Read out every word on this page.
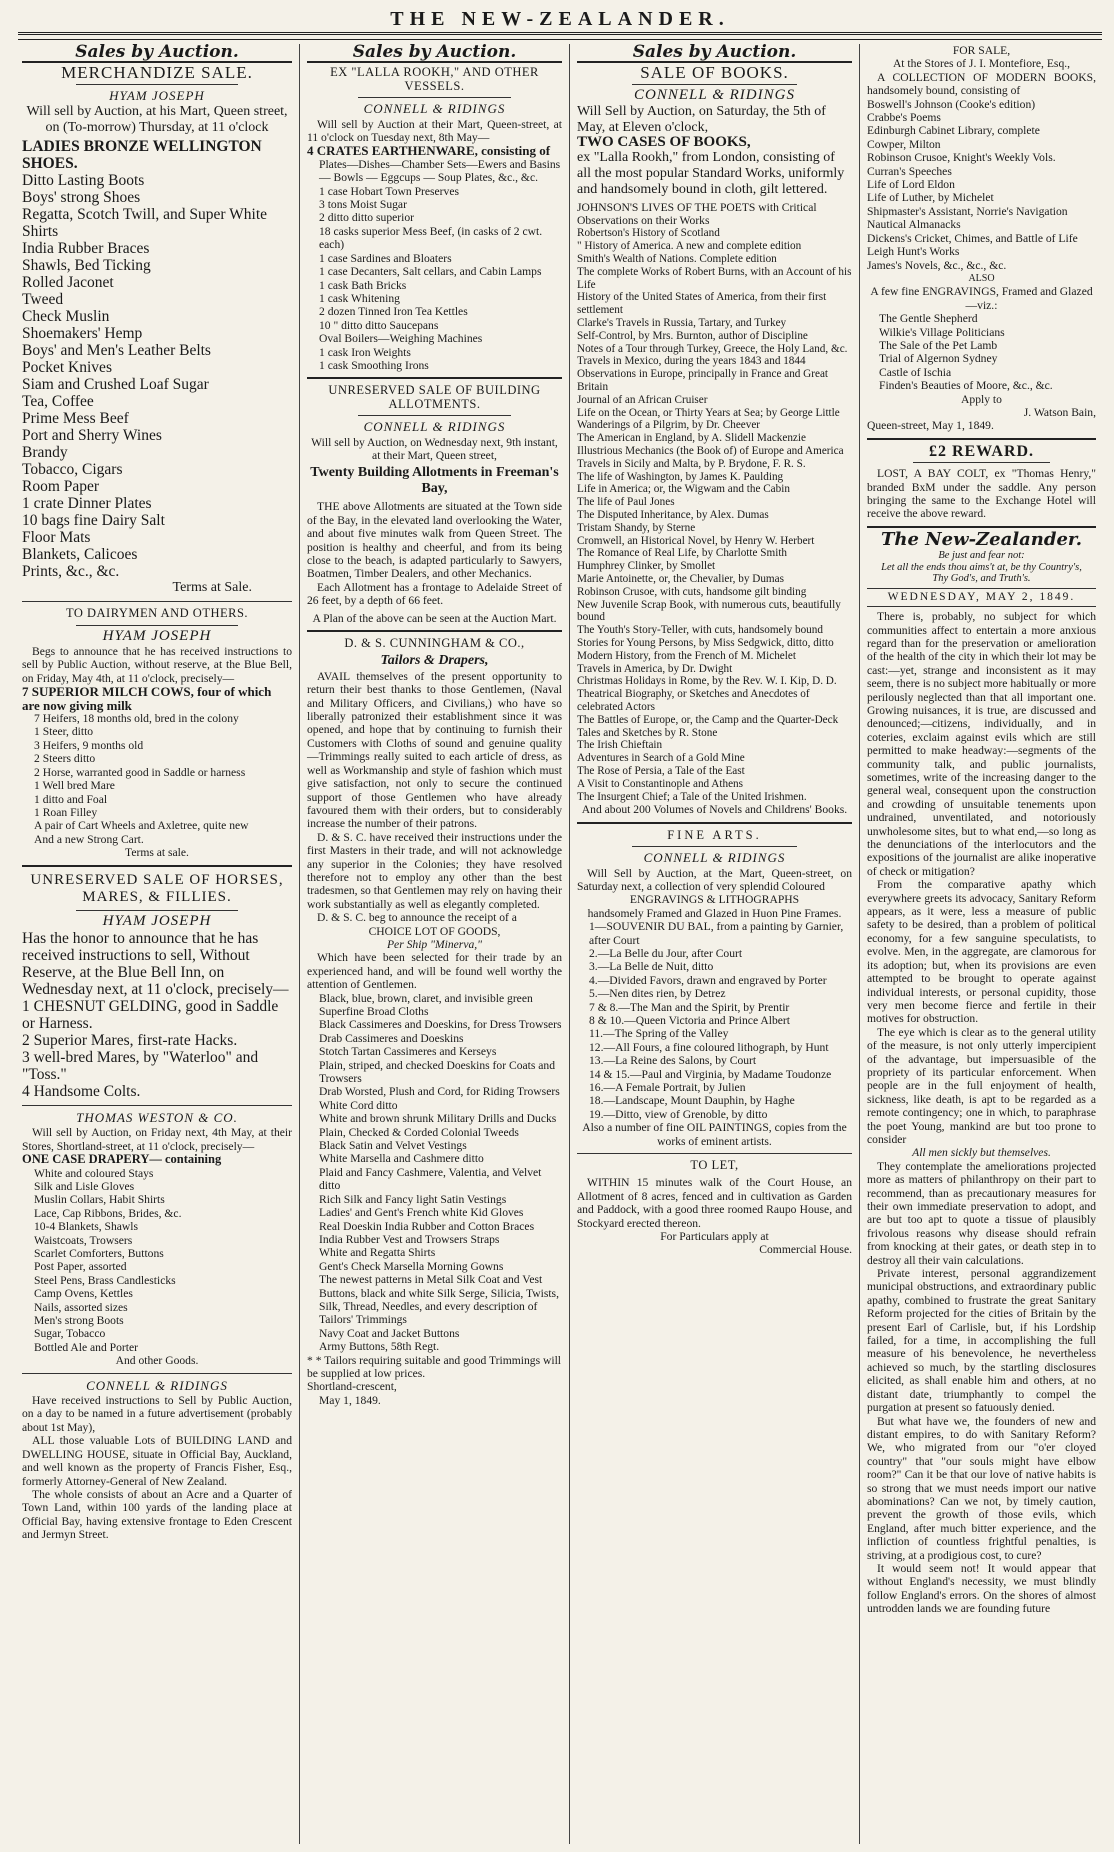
THE NEW-ZEALANDER.
Sales by Auction.
MERCHANDIZE SALE.
HYAM JOSEPH
Will sell by Auction, at his Mart, Queen street, on (To-morrow) Thursday, at 11 o'clock
LADIES BRONZE WELLINGTON SHOES.
Ditto Lasting Boots
Boys' strong Shoes
Regatta, Scotch Twill, and Super White Shirts
India Rubber Braces
Shawls, Bed Ticking
Rolled Jaconet
Tweed
Check Muslin
Shoemakers' Hemp
Boys' and Men's Leather Belts
Pocket Knives
Siam and Crushed Loaf Sugar
Tea, Coffee
Prime Mess Beef
Port and Sherry Wines
Brandy
Tobacco, Cigars
Room Paper
1 crate Dinner Plates
10 bags fine Dairy Salt
Floor Mats
Blankets, Calicoes
Prints, &c., &c.
Terms at Sale.
TO DAIRYMEN AND OTHERS.
HYAM JOSEPH
Begs to announce that he has received instructions to sell by Public Auction, without reserve, at the Blue Bell, on Friday, May 4th, at 11 o'clock, precisely—
7 SUPERIOR MILCH COWS, four of which are now giving milk
7 Heifers, 18 months old, bred in the colony
1 Steer, ditto
3 Heifers, 9 months old
2 Steers ditto
2 Horse, warranted good in Saddle or harness
1 Well bred Mare
1 ditto and Foal
1 Roan Filley
A pair of Cart Wheels and Axletree, quite new
And a new Strong Cart.
Terms at sale.
UNRESERVED SALE OF HORSES, MARES, & FILLIES.
HYAM JOSEPH
Has the honor to announce that he has received instructions to sell, Without Reserve, at the Blue Bell Inn, on Wednesday next, at 11 o'clock, precisely—
1 CHESNUT GELDING, good in Saddle or Harness.
2 Superior Mares, first-rate Hacks.
3 well-bred Mares, by "Waterloo" and "Toss."
4 Handsome Colts.
THOMAS WESTON & CO.
Will sell by Auction, on Friday next, 4th May, at their Stores, Shortland-street, at 11 o'clock, precisely—
ONE CASE DRAPERY— containing
White and coloured Stays
Silk and Lisle Gloves
Muslin Collars, Habit Shirts
Lace, Cap Ribbons, Brides, &c.
10-4 Blankets, Shawls
Waistcoats, Trowsers
Scarlet Comforters, Buttons
Post Paper, assorted
Steel Pens, Brass Candlesticks
Camp Ovens, Kettles
Nails, assorted sizes
Men's strong Boots
Sugar, Tobacco
Bottled Ale and Porter
And other Goods.
CONNELL & RIDINGS
Have received instructions to Sell by Public Auction, on a day to be named in a future advertisement (probably about 1st May),
ALL those valuable Lots of BUILDING LAND and DWELLING HOUSE, situate in Official Bay, Auckland, and well known as the property of Francis Fisher, Esq., formerly Attorney-General of New Zealand.
The whole consists of about an Acre and a Quarter of Town Land, within 100 yards of the landing place at Official Bay, having extensive frontage to Eden Crescent and Jermyn Street.
Sales by Auction.
EX "LALLA ROOKH," AND OTHER VESSELS.
CONNELL & RIDINGS
Will sell by Auction at their Mart, Queen-street, at 11 o'clock on Tuesday next, 8th May—
4 CRATES EARTHENWARE, consisting of
Plates—Dishes—Chamber Sets—Ewers and Basins — Bowls — Eggcups — Soup Plates, &c., &c.
1 case Hobart Town Preserves
3 tons Moist Sugar
2 ditto ditto superior
18 casks superior Mess Beef, (in casks of 2 cwt. each)
1 case Sardines and Bloaters
1 case Decanters, Salt cellars, and Cabin Lamps
1 cask Bath Bricks
1 cask Whitening
2 dozen Tinned Iron Tea Kettles
10 " ditto ditto Saucepans
Oval Boilers—Weighing Machines
1 cask Iron Weights
1 cask Smoothing Irons
UNRESERVED SALE OF BUILDING ALLOTMENTS.
CONNELL & RIDINGS
Will sell by Auction, on Wednesday next, 9th instant, at their Mart, Queen street,
Twenty Building Allotments in Freeman's Bay,
THE above Allotments are situated at the Town side of the Bay, in the elevated land overlooking the Water, and about five minutes walk from Queen Street. The position is healthy and cheerful, and from its being close to the beach, is adapted particularly to Sawyers, Boatmen, Timber Dealers, and other Mechanics.
Each Allotment has a frontage to Adelaide Street of 26 feet, by a depth of 66 feet.
A Plan of the above can be seen at the Auction Mart.
D. & S. CUNNINGHAM & CO.,
Tailors & Drapers,
AVAIL themselves of the present opportunity to return their best thanks to those Gentlemen, (Naval and Military Officers, and Civilians,) who have so liberally patronized their establishment since it was opened, and hope that by continuing to furnish their Customers with Cloths of sound and genuine quality—Trimmings really suited to each article of dress, as well as Workmanship and style of fashion which must give satisfaction, not only to secure the continued support of those Gentlemen who have already favoured them with their orders, but to considerably increase the number of their patrons.
D. & S. C. have received their instructions under the first Masters in their trade, and will not acknowledge any superior in the Colonies; they have resolved therefore not to employ any other than the best tradesmen, so that Gentlemen may rely on having their work substantially as well as elegantly completed.
D. & S. C. beg to announce the receipt of a
CHOICE LOT OF GOODS,
Per Ship "Minerva,"
Which have been selected for their trade by an experienced hand, and will be found well worthy the attention of Gentlemen.
Black, blue, brown, claret, and invisible green Superfine Broad Cloths
Black Cassimeres and Doeskins, for Dress Trowsers
Drab Cassimeres and Doeskins
Stotch Tartan Cassimeres and Kerseys
Plain, striped, and checked Doeskins for Coats and Trowsers
Drab Worsted, Plush and Cord, for Riding Trowsers
White Cord ditto
White and brown shrunk Military Drills and Ducks
Plain, Checked & Corded Colonial Tweeds
Black Satin and Velvet Vestings
White Marsella and Cashmere ditto
Plaid and Fancy Cashmere, Valentia, and Velvet ditto
Rich Silk and Fancy light Satin Vestings
Ladies' and Gent's French white Kid Gloves
Real Doeskin India Rubber and Cotton Braces
India Rubber Vest and Trowsers Straps
White and Regatta Shirts
Gent's Check Marsella Morning Gowns
The newest patterns in Metal Silk Coat and Vest Buttons, black and white Silk Serge, Silicia, Twists, Silk, Thread, Needles, and every description of Tailors' Trimmings
Navy Coat and Jacket Buttons
Army Buttons, 58th Regt.
* * Tailors requiring suitable and good Trimmings will be supplied at low prices.
Shortland-crescent,
May 1, 1849.
Sales by Auction.
SALE OF BOOKS.
CONNELL & RIDINGS
Will Sell by Auction, on Saturday, the 5th of May, at Eleven o'clock,
TWO CASES OF BOOKS,
ex "Lalla Rookh," from London, consisting of all the most popular Standard Works, uniformly and handsomely bound in cloth, gilt lettered.
JOHNSON'S LIVES OF THE POETS with Critical Observations on their Works
Robertson's History of Scotland
" History of America. A new and complete edition
Smith's Wealth of Nations. Complete edition
The complete Works of Robert Burns, with an Account of his Life
History of the United States of America, from their first settlement
Clarke's Travels in Russia, Tartary, and Turkey
Self-Control, by Mrs. Burnton, author of Discipline
Notes of a Tour through Turkey, Greece, the Holy Land, &c.
Travels in Mexico, during the years 1843 and 1844
Observations in Europe, principally in France and Great Britain
Journal of an African Cruiser
Life on the Ocean, or Thirty Years at Sea; by George Little
Wanderings of a Pilgrim, by Dr. Cheever
The American in England, by A. Slidell Mackenzie
Illustrious Mechanics (the Book of) of Europe and America
Travels in Sicily and Malta, by P. Brydone, F. R. S.
The life of Washington, by James K. Paulding
Life in America; or, the Wigwam and the Cabin
The life of Paul Jones
The Disputed Inheritance, by Alex. Dumas
Tristam Shandy, by Sterne
Cromwell, an Historical Novel, by Henry W. Herbert
The Romance of Real Life, by Charlotte Smith
Humphrey Clinker, by Smollet
Marie Antoinette, or, the Chevalier, by Dumas
Robinson Crusoe, with cuts, handsome gilt binding
New Juvenile Scrap Book, with numerous cuts, beautifully bound
The Youth's Story-Teller, with cuts, handsomely bound
Stories for Young Persons, by Miss Sedgwick, ditto, ditto
Modern History, from the French of M. Michelet
Travels in America, by Dr. Dwight
Christmas Holidays in Rome, by the Rev. W. I. Kip, D. D.
Theatrical Biography, or Sketches and Anecdotes of celebrated Actors
The Battles of Europe, or, the Camp and the Quarter-Deck
Tales and Sketches by R. Stone
The Irish Chieftain
Adventures in Search of a Gold Mine
The Rose of Persia, a Tale of the East
A Visit to Constantinople and Athens
The Insurgent Chief; a Tale of the United Irishmen.
And about 200 Volumes of Novels and Childrens' Books.
FINE ARTS.
CONNELL & RIDINGS
Will Sell by Auction, at the Mart, Queen-street, on Saturday next, a collection of very splendid Coloured
ENGRAVINGS & LITHOGRAPHS
handsomely Framed and Glazed in Huon Pine Frames.
1—SOUVENIR DU BAL, from a painting by Garnier, after Court
2.—La Belle du Jour, after Court
3.—La Belle de Nuit, ditto
4.—Divided Favors, drawn and engraved by Porter
5.—Nen dites rien, by Detrez
7 & 8.—The Man and the Spirit, by Prentir
8 & 10.—Queen Victoria and Prince Albert
11.—The Spring of the Valley
12.—All Fours, a fine coloured lithograph, by Hunt
13.—La Reine des Salons, by Court
14 & 15.—Paul and Virginia, by Madame Toudonze
16.—A Female Portrait, by Julien
18.—Landscape, Mount Dauphin, by Haghe
19.—Ditto, view of Grenoble, by ditto
Also a number of fine OIL PAINTINGS, copies from the works of eminent artists.
TO LET,
WITHIN 15 minutes walk of the Court House, an Allotment of 8 acres, fenced and in cultivation as Garden and Paddock, with a good three roomed Raupo House, and Stockyard erected thereon.
For Particulars apply at
Commercial House.
FOR SALE,
At the Stores of J. I. Montefiore, Esq.,
A COLLECTION OF MODERN BOOKS, handsomely bound, consisting of
Boswell's Johnson (Cooke's edition)
Crabbe's Poems
Edinburgh Cabinet Library, complete
Cowper, Milton
Robinson Crusoe, Knight's Weekly Vols.
Curran's Speeches
Life of Lord Eldon
Life of Luther, by Michelet
Shipmaster's Assistant, Norrie's Navigation
Nautical Almanacks
Dickens's Cricket, Chimes, and Battle of Life
Leigh Hunt's Works
James's Novels, &c., &c., &c.
ALSO
A few fine ENGRAVINGS, Framed and Glazed—viz.:
The Gentle Shepherd
Wilkie's Village Politicians
The Sale of the Pet Lamb
Trial of Algernon Sydney
Castle of Ischia
Finden's Beauties of Moore, &c., &c.
Apply to
J. Watson Bain,
Queen-street, May 1, 1849.
£2 REWARD.
LOST, A BAY COLT, ex "Thomas Henry," branded BxM under the saddle. Any person bringing the same to the Exchange Hotel will receive the above reward.
The New-Zealander.
Be just and fear not:
Let all the ends thou aims't at, be thy Country's,
Thy God's, and Truth's.
WEDNESDAY, MAY 2, 1849.
There is, probably, no subject for which communities affect to entertain a more anxious regard than for the preservation or amelioration of the health of the city in which their lot may be cast:—yet, strange and inconsistent as it may seem, there is no subject more habitually or more perilously neglected than that all important one. Growing nuisances, it is true, are discussed and denounced;—citizens, individually, and in coteries, exclaim against evils which are still permitted to make headway:—segments of the community talk, and public journalists, sometimes, write of the increasing danger to the general weal, consequent upon the construction and crowding of unsuitable tenements upon undrained, unventilated, and notoriously unwholesome sites, but to what end,—so long as the denunciations of the interlocutors and the expositions of the journalist are alike inoperative of check or mitigation?
From the comparative apathy which everywhere greets its advocacy, Sanitary Reform appears, as it were, less a measure of public safety to be desired, than a problem of political economy, for a few sanguine speculatists, to evolve. Men, in the aggregate, are clamorous for its adoption; but, when its provisions are even attempted to be brought to operate against individual interests, or personal cupidity, those very men become fierce and fertile in their motives for obstruction.
The eye which is clear as to the general utility of the measure, is not only utterly impercipient of the advantage, but impersuasible of the propriety of its particular enforcement. When people are in the full enjoyment of health, sickness, like death, is apt to be regarded as a remote contingency; one in which, to paraphrase the poet Young, mankind are but too prone to consider
All men sickly but themselves.
They contemplate the ameliorations projected more as matters of philanthropy on their part to recommend, than as precautionary measures for their own immediate preservation to adopt, and are but too apt to quote a tissue of plausibly frivolous reasons why disease should refrain from knocking at their gates, or death step in to destroy all their vain calculations.
Private interest, personal aggrandizement municipal obstructions, and extraordinary public apathy, combined to frustrate the great Sanitary Reform projected for the cities of Britain by the present Earl of Carlisle, but, if his Lordship failed, for a time, in accomplishing the full measure of his benevolence, he nevertheless achieved so much, by the startling disclosures elicited, as shall enable him and others, at no distant date, triumphantly to compel the purgation at present so fatuously denied.
But what have we, the founders of new and distant empires, to do with Sanitary Reform? We, who migrated from our "o'er cloyed country" that "our souls might have elbow room?" Can it be that our love of native habits is so strong that we must needs import our native abominations? Can we not, by timely caution, prevent the growth of those evils, which England, after much bitter experience, and the infliction of countless frightful penalties, is striving, at a prodigious cost, to cure?
It would seem not! It would appear that without England's necessity, we must blindly follow England's errors. On the shores of almost untrodden lands we are founding future
